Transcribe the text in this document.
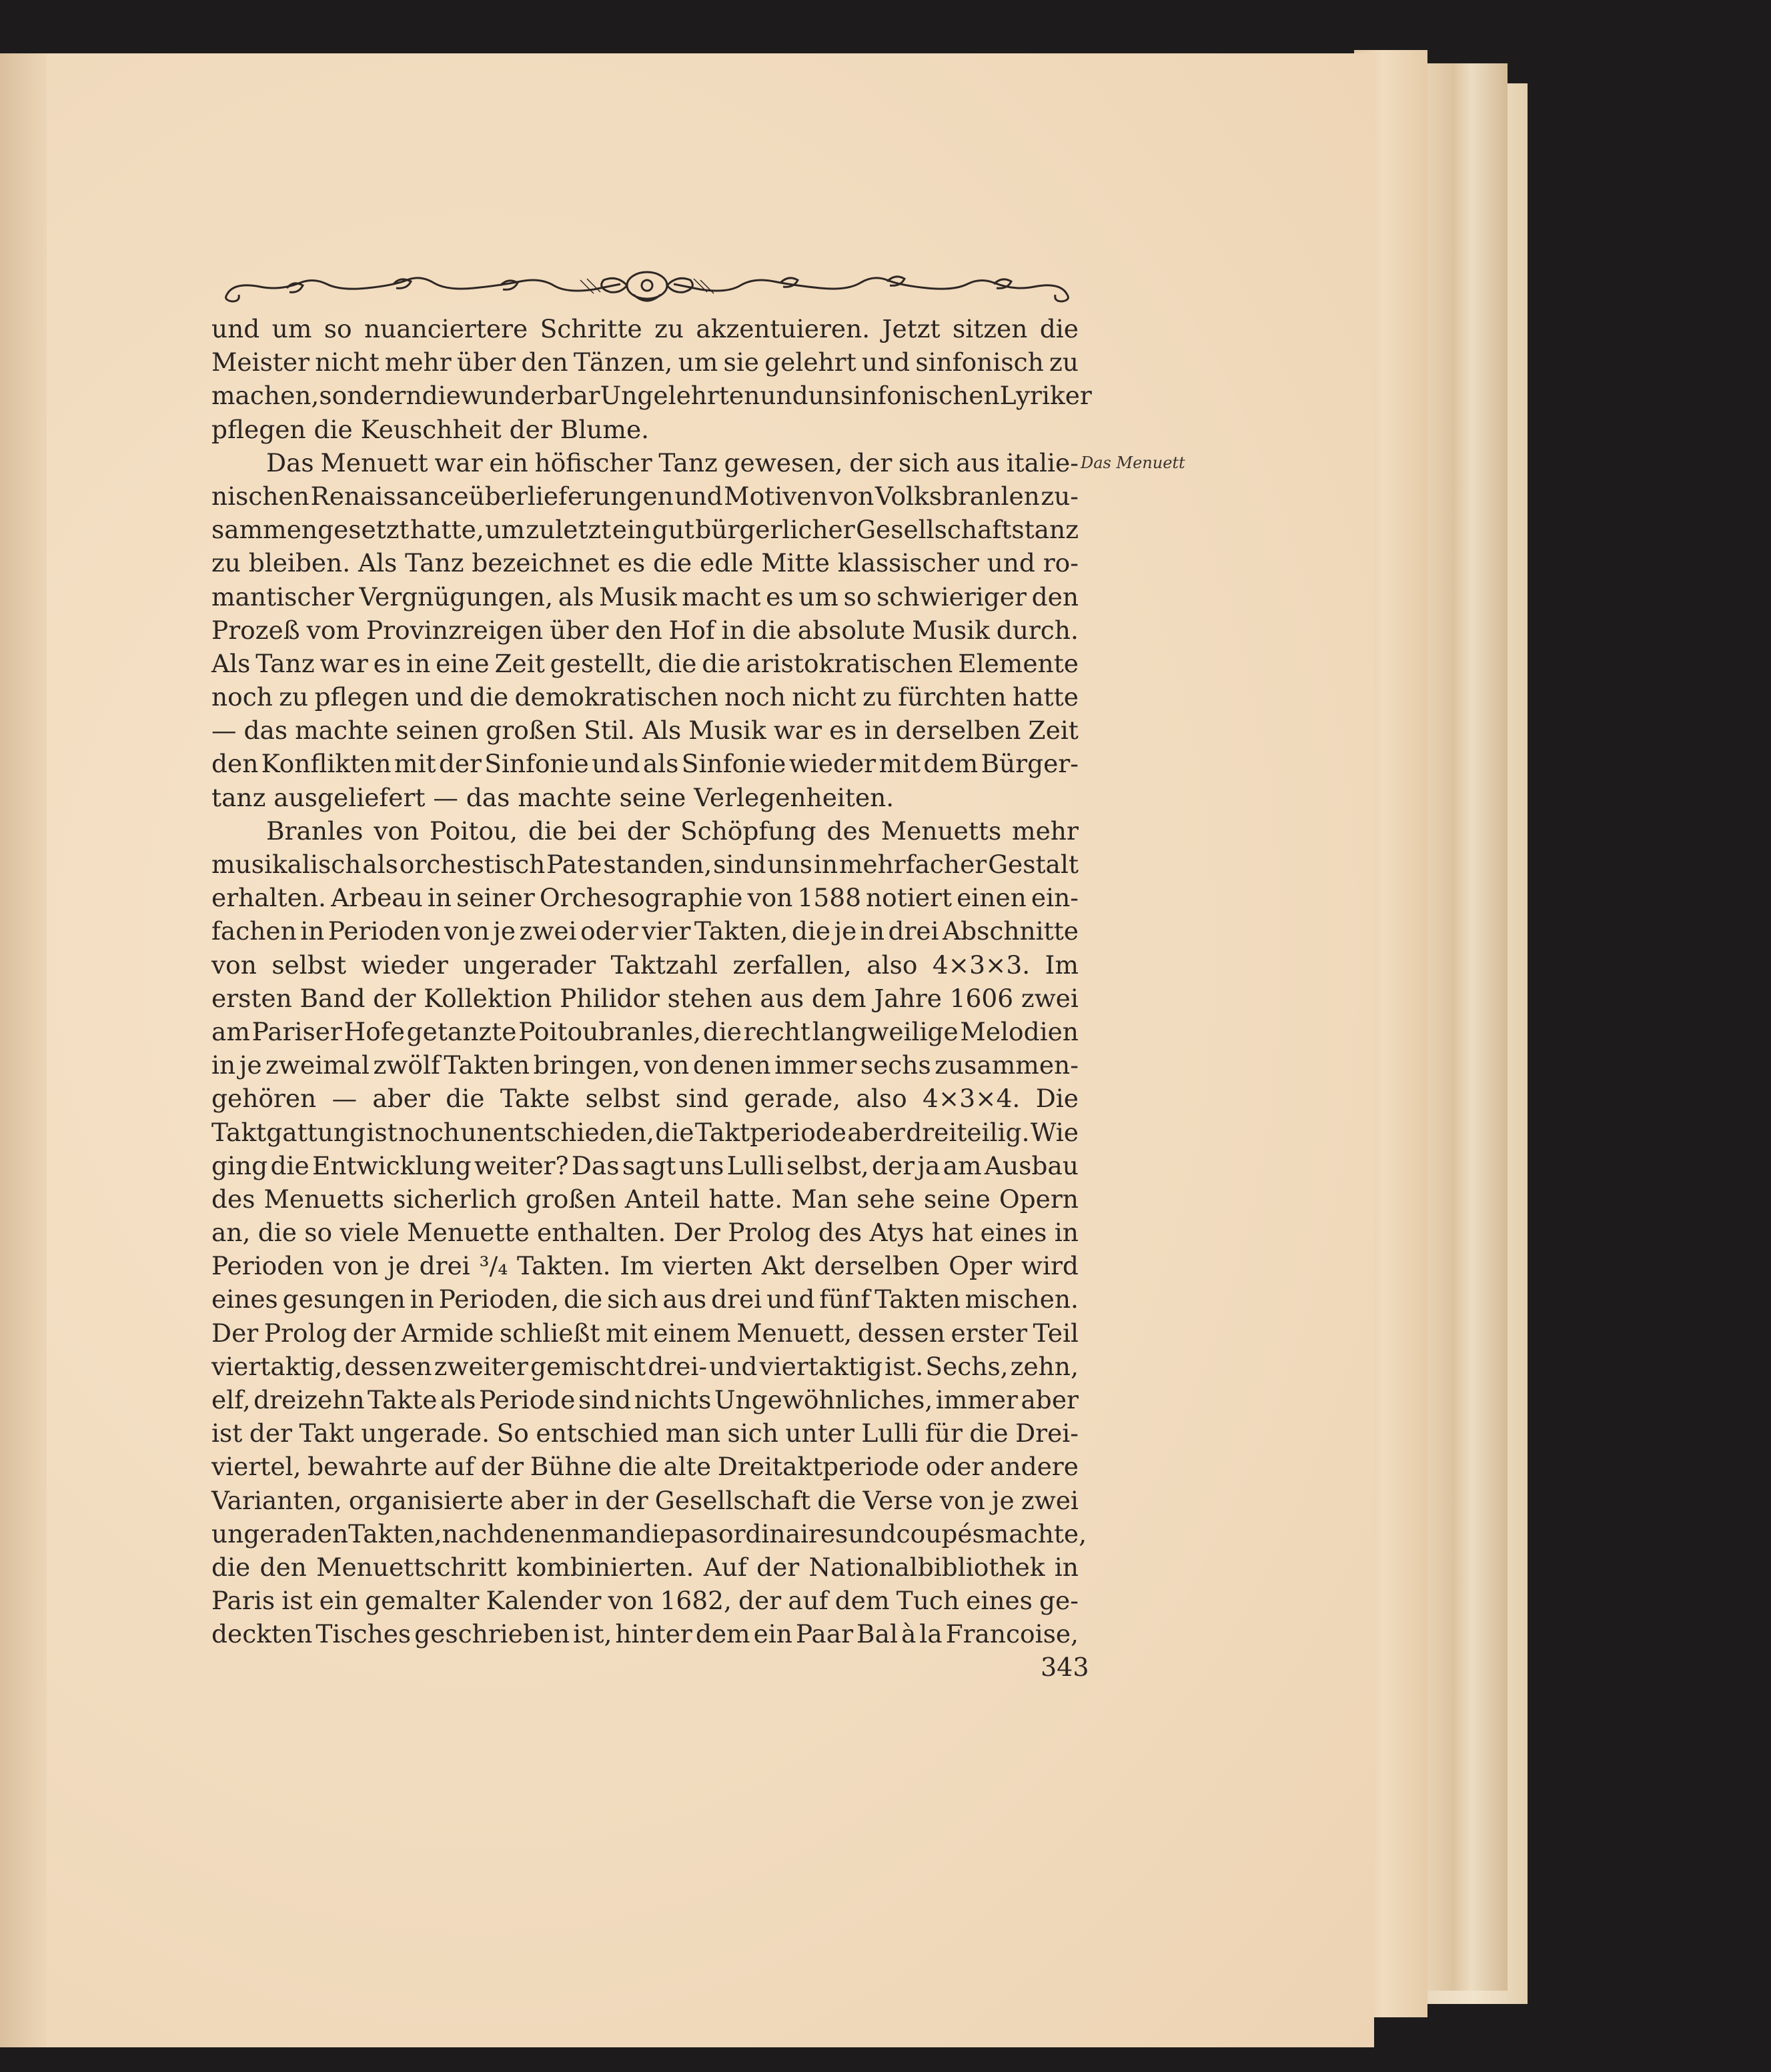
und um so nuanciertere Schritte zu akzentuieren. Jetzt sitzen die
Meister nicht mehr über den Tänzen, um sie gelehrt und sinfonisch zu
machen, sondern die wunderbar Ungelehrten und unsinfonischen Lyriker
pflegen die Keuschheit der Blume.
Das Menuett war ein höfischer Tanz gewesen, der sich aus italie-
nischen Renaissanceüberlieferungen und Motiven von Volksbranlen zu-
sammengesetzt hatte, um zuletzt ein gut bürgerlicher Gesellschaftstanz
zu bleiben. Als Tanz bezeichnet es die edle Mitte klassischer und ro-
mantischer Vergnügungen, als Musik macht es um so schwieriger den
Prozeß vom Provinzreigen über den Hof in die absolute Musik durch.
Als Tanz war es in eine Zeit gestellt, die die aristokratischen Elemente
noch zu pflegen und die demokratischen noch nicht zu fürchten hatte
— das machte seinen großen Stil. Als Musik war es in derselben Zeit
den Konflikten mit der Sinfonie und als Sinfonie wieder mit dem Bürger-
tanz ausgeliefert — das machte seine Verlegenheiten.
Branles von Poitou, die bei der Schöpfung des Menuetts mehr
musikalisch als orchestisch Pate standen, sind uns in mehrfacher Gestalt
erhalten. Arbeau in seiner Orchesographie von 1588 notiert einen ein-
fachen in Perioden von je zwei oder vier Takten, die je in drei Abschnitte
von selbst wieder ungerader Taktzahl zerfallen, also 4×3×3. Im
ersten Band der Kollektion Philidor stehen aus dem Jahre 1606 zwei
am Pariser Hofe getanzte Poitoubranles, die recht langweilige Melodien
in je zweimal zwölf Takten bringen, von denen immer sechs zusammen-
gehören — aber die Takte selbst sind gerade, also 4×3×4. Die
Taktgattung ist noch unentschieden, die Taktperiode aber dreiteilig. Wie
ging die Entwicklung weiter? Das sagt uns Lulli selbst, der ja am Ausbau
des Menuetts sicherlich großen Anteil hatte. Man sehe seine Opern
an, die so viele Menuette enthalten. Der Prolog des Atys hat eines in
Perioden von je drei ³/₄ Takten. Im vierten Akt derselben Oper wird
eines gesungen in Perioden, die sich aus drei und fünf Takten mischen.
Der Prolog der Armide schließt mit einem Menuett, dessen erster Teil
viertaktig, dessen zweiter gemischt drei- und viertaktig ist. Sechs, zehn,
elf, dreizehn Takte als Periode sind nichts Ungewöhnliches, immer aber
ist der Takt ungerade. So entschied man sich unter Lulli für die Drei-
viertel, bewahrte auf der Bühne die alte Dreitaktperiode oder andere
Varianten, organisierte aber in der Gesellschaft die Verse von je zwei
ungeraden Takten, nach denen man die pas ordinaires und coupés machte,
die den Menuettschritt kombinierten. Auf der Nationalbibliothek in
Paris ist ein gemalter Kalender von 1682, der auf dem Tuch eines ge-
deckten Tisches geschrieben ist, hinter dem ein Paar Bal à la Francoise,
Das Menuett
343
